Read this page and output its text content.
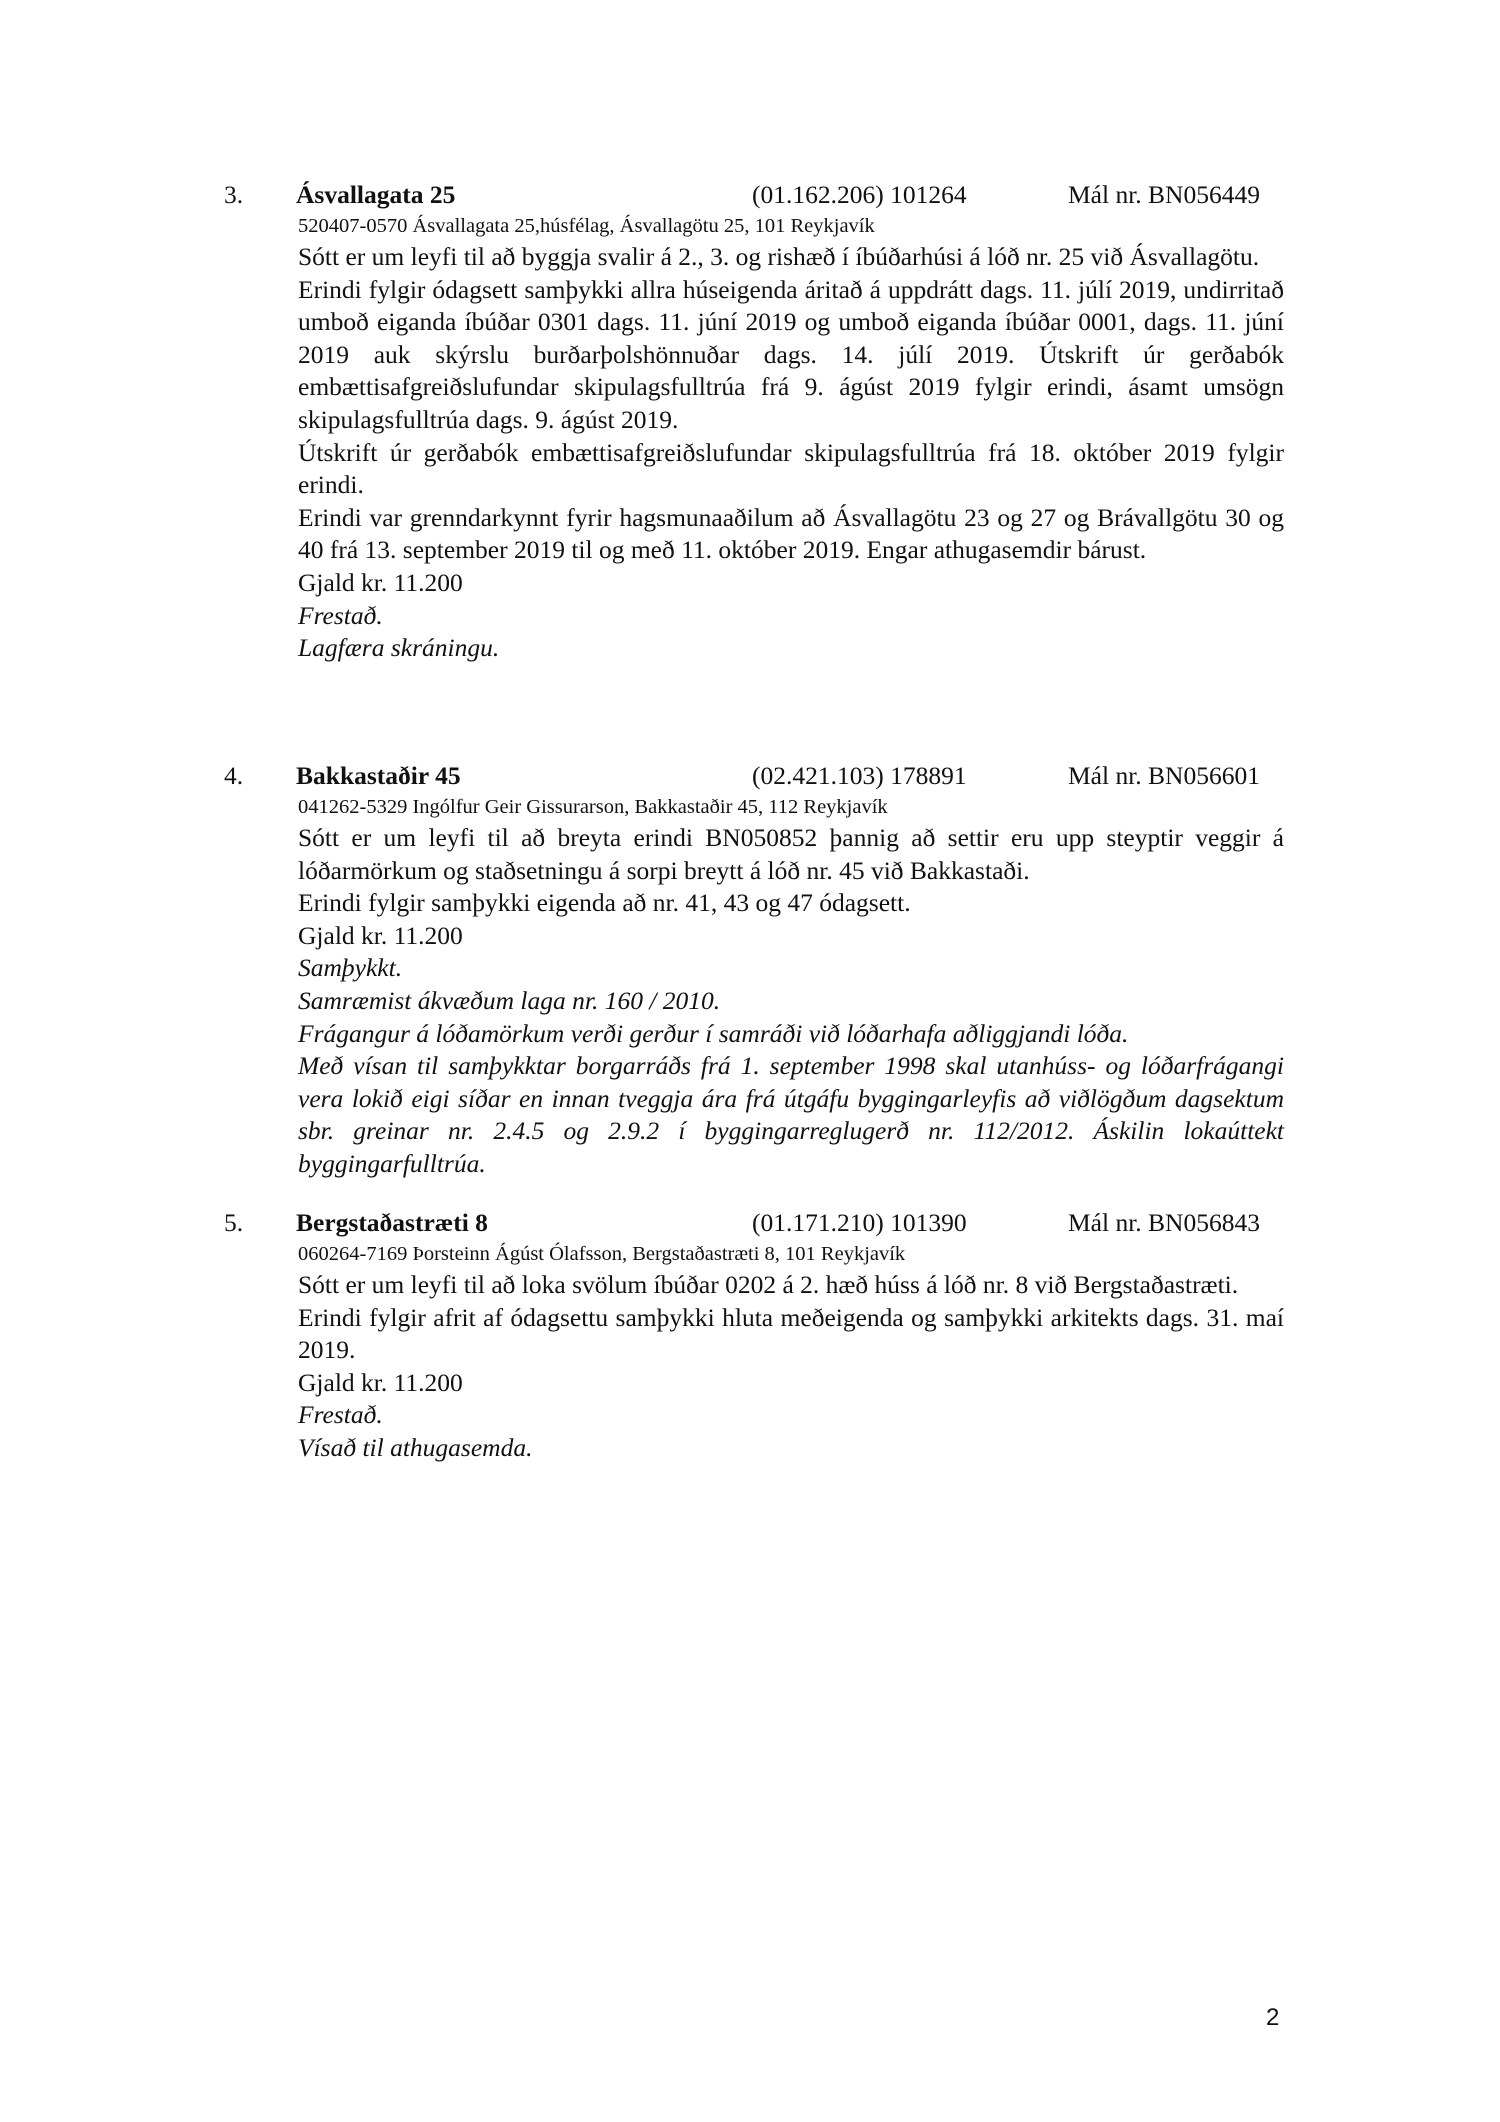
3. Ásvallagata 25	(01.162.206) 101264	Mál nr. BN056449
520407-0570 Ásvallagata 25,húsfélag, Ásvallagötu 25, 101 Reykjavík

Sótt er um leyfi til að byggja svalir á 2., 3. og rishæð í íbúðarhúsi á lóð nr. 25 við Ásvallagötu.

Erindi fylgir ódagsett samþykki allra húseigenda áritað á uppdrátt dags. 11. júlí 2019, undirritað umboð eiganda íbúðar 0301 dags. 11. júní 2019 og umboð eiganda íbúðar 0001, dags. 11. júní 2019 auk skýrslu burðarþolshönnuðar dags. 14. júlí 2019. Útskrift úr gerðabók embættisafgreiðslufundar skipulagsfulltrúa frá 9. ágúst 2019 fylgir erindi, ásamt umsögn skipulagsfulltrúa dags. 9. ágúst 2019.

Útskrift úr gerðabók embættisafgreiðslufundar skipulagsfulltrúa frá 18. október 2019 fylgir erindi.

Erindi var grenndarkynnt fyrir hagsmunaaðilum að Ásvallagötu 23 og 27 og Brávallgötu 30 og 40 frá 13. september 2019 til og með 11. október 2019. Engar athugasemdir bárust.

Gjald kr. 11.200

Frestað.

Lagfæra skráningu.

4. Bakkastaðir 45	(02.421.103) 178891	Mál nr. BN056601
041262-5329 Ingólfur Geir Gissurarson, Bakkastaðir 45, 112 Reykjavík

Sótt er um leyfi til að breyta erindi BN050852 þannig að settir eru upp steyptir veggir á lóðarmörkum og staðsetningu á sorpi breytt á lóð nr. 45 við Bakkastaði.

Erindi fylgir samþykki eigenda að nr. 41, 43 og 47 ódagsett.

Gjald kr. 11.200

Samþykkt.

Samræmist ákvæðum laga nr. 160 / 2010.

Frágangur á lóðamörkum verði gerður í samráði við lóðarhafa aðliggjandi lóða.

Með vísan til samþykktar borgarráðs frá 1. september 1998 skal utanhúss- og lóðarfrágangi vera lokið eigi síðar en innan tveggja ára frá útgáfu byggingarleyfis að viðlögðum dagsektum sbr. greinar nr. 2.4.5 og 2.9.2 í byggingarreglugerð nr. 112/2012. Áskilin lokaúttekt byggingarfulltrúa.

5. Bergstaðastræti 8	(01.171.210) 101390	Mál nr. BN056843
060264-7169 Þorsteinn Ágúst Ólafsson, Bergstaðastræti 8, 101 Reykjavík

Sótt er um leyfi til að loka svölum íbúðar 0202 á 2. hæð húss á lóð nr. 8 við Bergstaðastræti.

Erindi fylgir afrit af ódagsettu samþykki hluta meðeigenda og samþykki arkitekts dags. 31. maí 2019.

Gjald kr. 11.200

Frestað.

Vísað til athugasemda.

2
